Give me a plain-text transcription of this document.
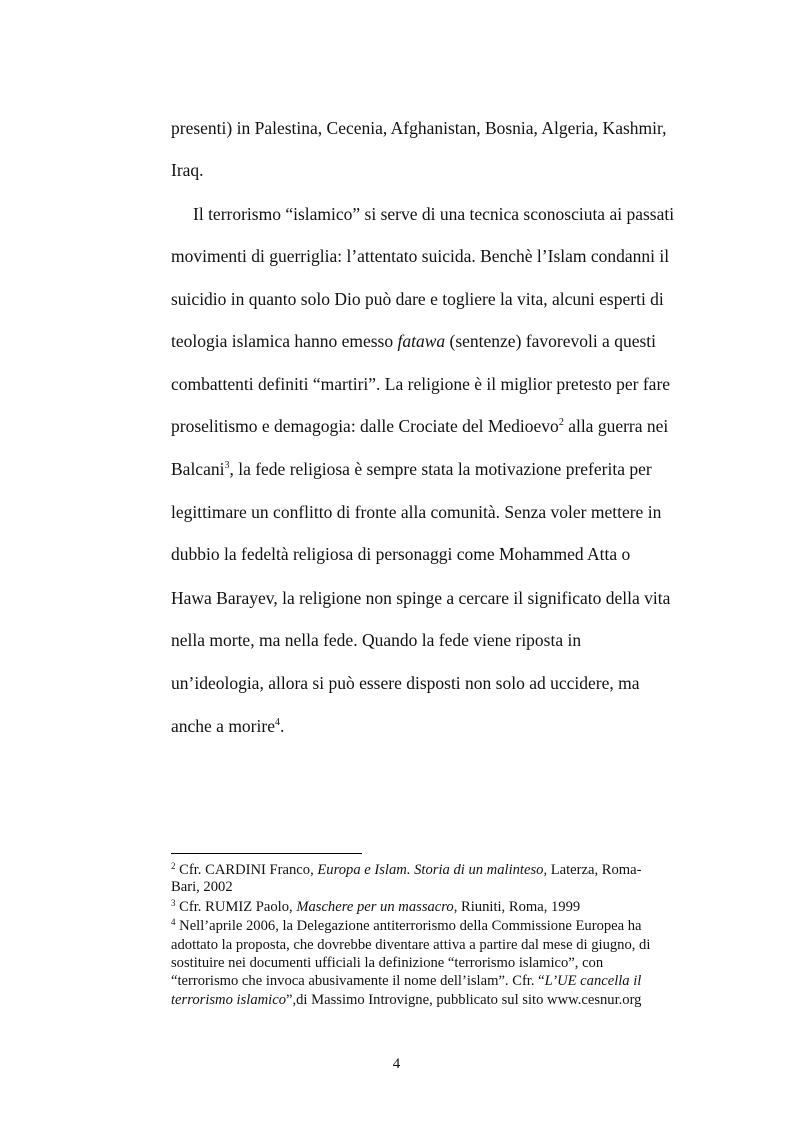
presenti) in Palestina, Cecenia, Afghanistan, Bosnia, Algeria, Kashmir,
Iraq.
Il terrorismo “islamico” si serve di una tecnica sconosciuta ai passati
movimenti di guerriglia: l’attentato suicida. Benchè l’Islam condanni il
suicidio in quanto solo Dio può dare e togliere la vita, alcuni esperti di
teologia islamica hanno emesso fatawa (sentenze) favorevoli a questi
combattenti definiti “martiri”. La religione è il miglior pretesto per fare
proselitismo e demagogia: dalle Crociate del Medioevo$^2$ alla guerra nei
Balcani$^3$, la fede religiosa è sempre stata la motivazione preferita per
legittimare un conflitto di fronte alla comunità. Senza voler mettere in
dubbio la fedeltà religiosa di personaggi come Mohammed Atta o
Hawa Barayev, la religione non spinge a cercare il significato della vita
nella morte, ma nella fede. Quando la fede viene riposta in
un’ideologia, allora si può essere disposti non solo ad uccidere, ma
anche a morire$^4$.
$^2$ Cfr. CARDINI Franco, Europa e Islam. Storia di un malinteso, Laterza, Roma-
Bari, 2002
$^3$ Cfr. RUMIZ Paolo, Maschere per un massacro, Riuniti, Roma, 1999
$^4$ Nell’aprile 2006, la Delegazione antiterrorismo della Commissione Europea ha
adottato la proposta, che dovrebbe diventare attiva a partire dal mese di giugno, di
sostituire nei documenti ufficiali la definizione “terrorismo islamico”, con
“terrorismo che invoca abusivamente il nome dell’islam”. Cfr. “L’UE cancella il
terrorismo islamico”,di Massimo Introvigne, pubblicato sul sito www.cesnur.org
4
